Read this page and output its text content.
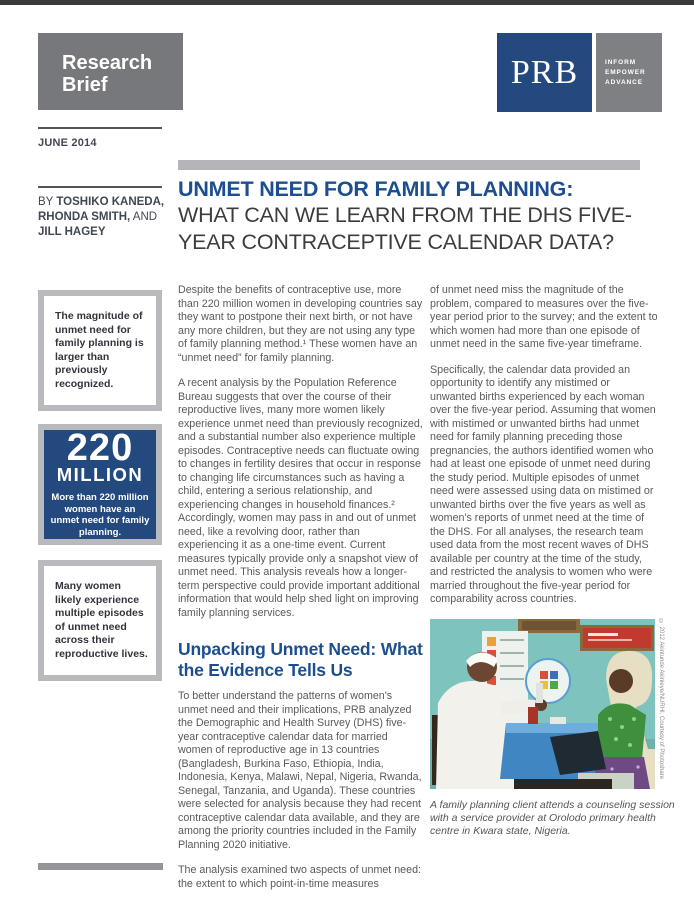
Research
Brief	PRB	INFORM
EMPOWER
ADVANCE
JUNE 2014
BY TOSHIKO KANEDA, RHONDA SMITH, AND JILL HAGEY
The magnitude of unmet need for family planning is larger than previously recognized.
220
MILLION
More than 220 million women have an unmet need for family planning.
Many women likely experience multiple episodes of unmet need across their reproductive lives.
UNMET NEED FOR FAMILY PLANNING:
WHAT CAN WE LEARN FROM THE DHS FIVE-YEAR CONTRACEPTIVE CALENDAR DATA?

Despite the benefits of contraceptive use, more than 220 million women in developing countries say they want to postpone their next birth, or not have any more children, but they are not using any type of family planning method.¹ These women have an “unmet need” for family planning.

A recent analysis by the Population Reference Bureau suggests that over the course of their reproductive lives, many more women likely experience unmet need than previously recognized, and a substantial number also experience multiple episodes. Contraceptive needs can fluctuate owing to changes in fertility desires that occur in response to changing life circumstances such as having a child, entering a serious relationship, and experiencing changes in household finances.² Accordingly, women may pass in and out of unmet need, like a revolving door, rather than experiencing it as a one-time event. Current measures typically provide only a snapshot view of unmet need. This analysis reveals how a longer-term perspective could provide important additional information that would help shed light on improving family planning services.

Unpacking Unmet Need: What the Evidence Tells Us

To better understand the patterns of women's unmet need and their implications, PRB analyzed the Demographic and Health Survey (DHS) five-year contraceptive calendar data for married women of reproductive age in 13 countries (Bangladesh, Burkina Faso, Ethiopia, India, Indonesia, Kenya, Malawi, Nepal, Nigeria, Rwanda, Senegal, Tanzania, and Uganda). These countries were selected for analysis because they had recent contraceptive calendar data available, and they are among the priority countries included in the Family Planning 2020 initiative.

The analysis examined two aspects of unmet need: the extent to which point-in-time measures

of unmet need miss the magnitude of the problem, compared to measures over the five-year period prior to the survey; and the extent to which women had more than one episode of unmet need in the same five-year timeframe.

Specifically, the calendar data provided an opportunity to identify any mistimed or unwanted births experienced by each woman over the five-year period. Assuming that women with mistimed or unwanted births had unmet need for family planning preceding those pregnancies, the authors identified women who had at least one episode of unmet need during the study period. Multiple episodes of unmet need were assessed using data on mistimed or unwanted births over the five years as well as women's reports of unmet need at the time of the DHS. For all analyses, the research team used data from the most recent waves of DHS available per country at the time of the study, and restricted the analysis to women who were married throughout the five-year period for comparability across countries.

© 2012 Akintunde Akinleye/NURHI, Courtesy of Photoshare
A family planning client attends a counseling session with a service provider at Orolodo primary health centre in Kwara state, Nigeria.
